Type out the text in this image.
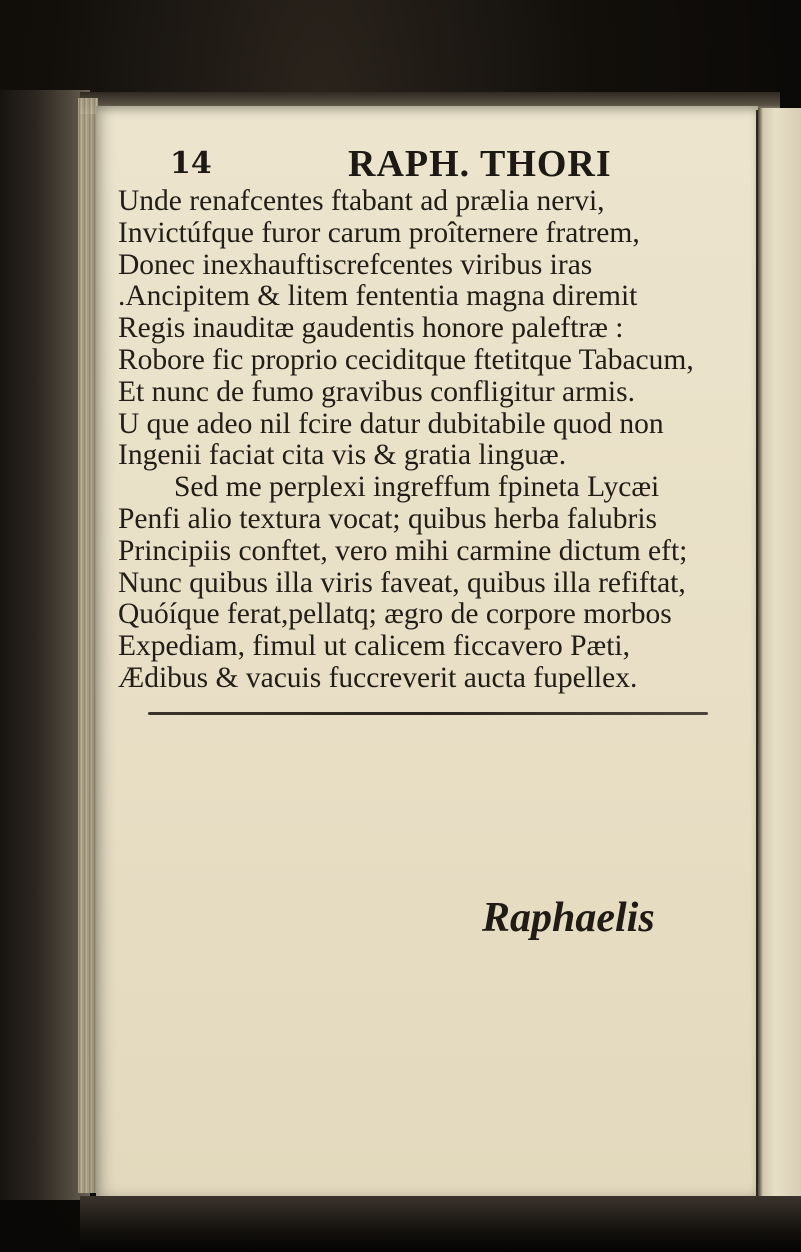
14	RAPH. THORI
Unde renafcentes ftabant ad prælia nervi,
Invictúfque furor carum proîternere fratrem,
Donec inexhauftiscrefcentes viribus iras
.Ancipitem & litem fententia magna diremit
Regis inauditæ gaudentis honore paleftræ :
Robore fic proprio ceciditque ftetitque Tabacum,
Et nunc de fumo gravibus confligitur armis.
U que adeo nil fcire datur dubitabile quod non
Ingenii faciat cita vis & gratia linguæ.
Sed me perplexi ingreffum fpineta Lycæi
Penfi alio textura vocat; quibus herba falubris
Principiis conftet, vero mihi carmine dictum eft;
Nunc quibus illa viris faveat, quibus illa refiftat,
Quóíque ferat,pellatq; ægro de corpore morbos
Expediam, fimul ut calicem ficcavero Pæti,
Ædibus & vacuis fuccreverit aucta fupellex.
Raphaelis
